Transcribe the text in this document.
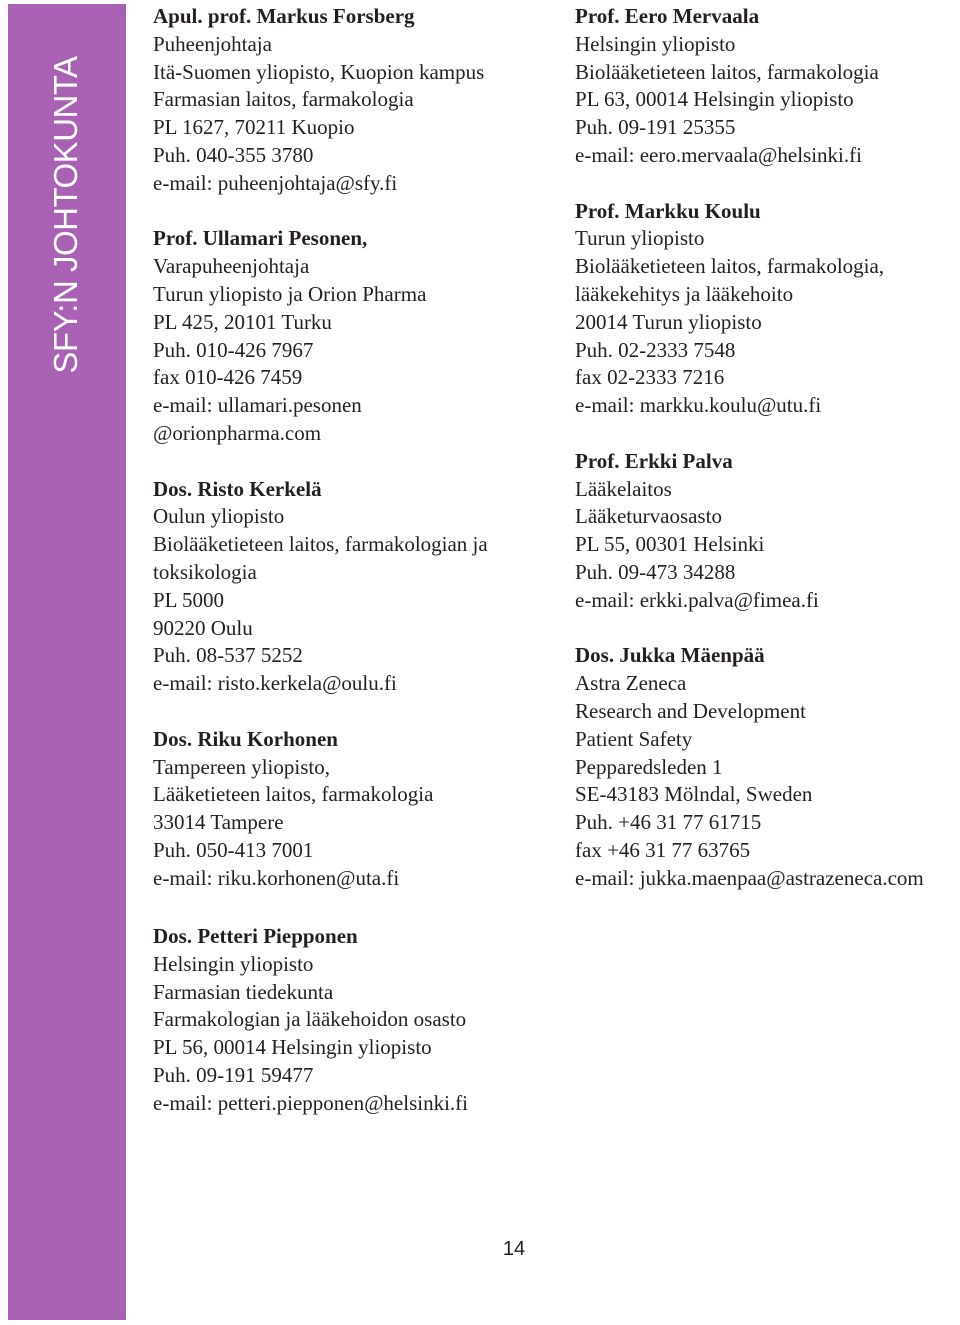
SFY:N JOHTOKUNTA
Apul. prof. Markus Forsberg
Puheenjohtaja
Itä-Suomen yliopisto, Kuopion kampus
Farmasian laitos, farmakologia
PL 1627, 70211 Kuopio
Puh. 040-355 3780
e-mail: puheenjohtaja@sfy.fi
Prof. Ullamari Pesonen,
Varapuheenjohtaja
Turun yliopisto ja Orion Pharma
PL 425, 20101 Turku
Puh. 010-426 7967
fax 010-426 7459
e-mail: ullamari.pesonen
@orionpharma.com
Dos. Risto Kerkelä
Oulun yliopisto
Biolääketieteen laitos, farmakologian ja
toksikologia
PL 5000
90220 Oulu
Puh. 08-537 5252
e-mail: risto.kerkela@oulu.fi
Dos. Riku Korhonen
Tampereen yliopisto,
Lääketieteen laitos, farmakologia
33014 Tampere
Puh. 050-413 7001
e-mail: riku.korhonen@uta.fi
Prof. Eero Mervaala
Helsingin yliopisto
Biolääketieteen laitos, farmakologia
PL 63, 00014 Helsingin yliopisto
Puh. 09-191 25355
e-mail: eero.mervaala@helsinki.fi
Prof. Markku Koulu
Turun yliopisto
Biolääketieteen laitos, farmakologia,
lääkekehitys ja lääkehoito
20014 Turun yliopisto
Puh. 02-2333 7548
fax 02-2333 7216
e-mail: markku.koulu@utu.fi
Prof. Erkki Palva
Lääkelaitos
Lääketurvaosasto
PL 55, 00301 Helsinki
Puh. 09-473 34288
e-mail: erkki.palva@fimea.fi
Dos. Jukka Mäenpää
Astra Zeneca
Research and Development
Patient Safety
Pepparedsleden 1
SE-43183 Mölndal, Sweden
Puh. +46 31 77 61715
fax +46 31 77 63765
e-mail: jukka.maenpaa@astrazeneca.com
Dos. Petteri Piepponen
Helsingin yliopisto
Farmasian tiedekunta
Farmakologian ja lääkehoidon osasto
PL 56, 00014 Helsingin yliopisto
Puh. 09-191 59477
e-mail: petteri.piepponen@helsinki.fi
14
